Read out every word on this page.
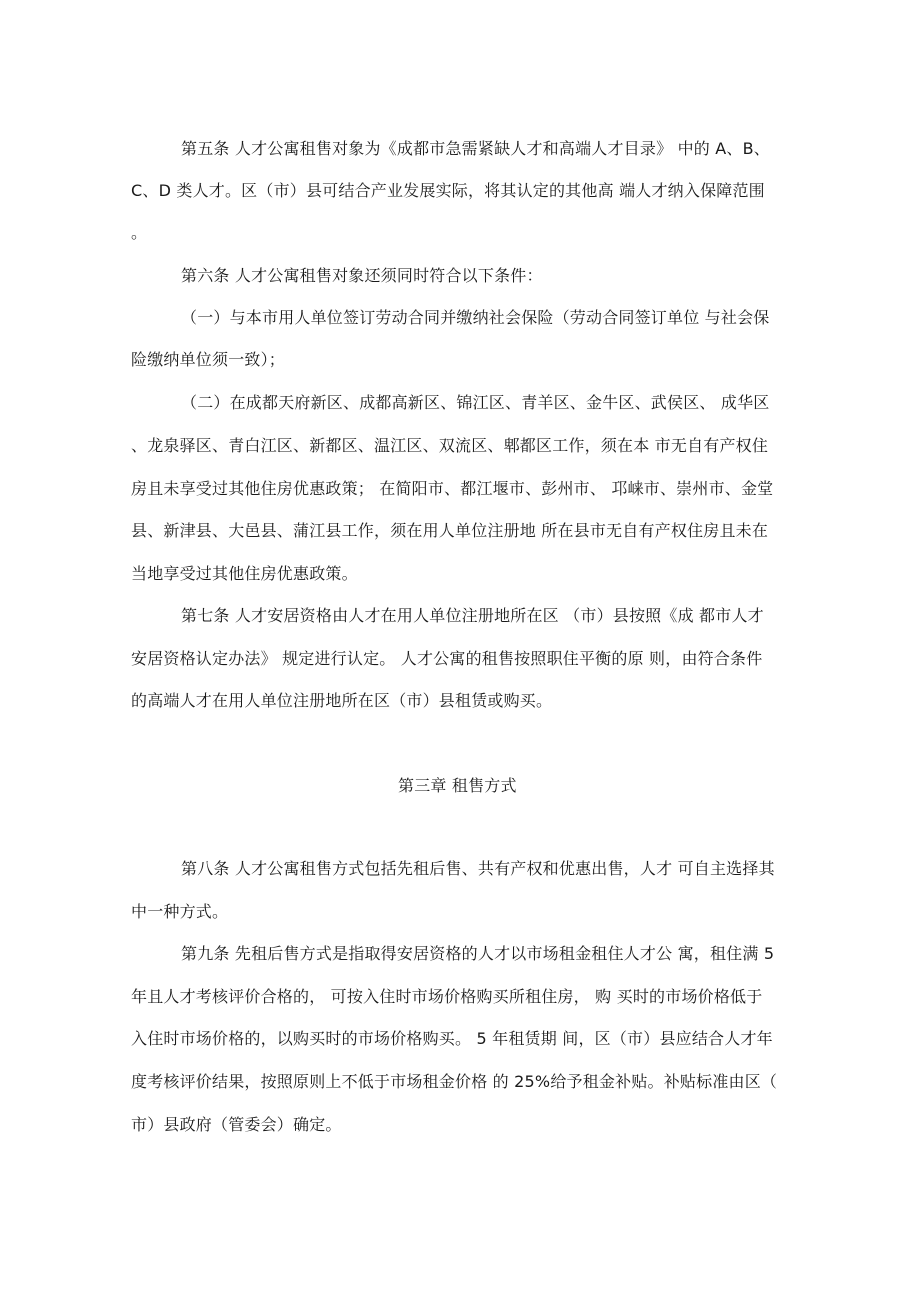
第五条 人才公寓租售对象为《成都市急需紧缺人才和高端人才目录》 中的 A、B、
C、D 类人才。区（市）县可结合产业发展实际，将其认定的其他高 端人才纳入保障范围
。
第六条 人才公寓租售对象还须同时符合以下条件：
（一）与本市用人单位签订劳动合同并缴纳社会保险（劳动合同签订单位 与社会保
险缴纳单位须一致）；
（二）在成都天府新区、成都高新区、锦江区、青羊区、金牛区、武侯区、 成华区
、龙泉驿区、青白江区、新都区、温江区、双流区、郫都区工作，须在本 市无自有产权住
房且未享受过其他住房优惠政策； 在简阳市、都江堰市、彭州市、 邛崃市、崇州市、金堂
县、新津县、大邑县、蒲江县工作，须在用人单位注册地 所在县市无自有产权住房且未在
当地享受过其他住房优惠政策。
第七条 人才安居资格由人才在用人单位注册地所在区 （市）县按照《成 都市人才
安居资格认定办法》 规定进行认定。 人才公寓的租售按照职住平衡的原 则，由符合条件
的高端人才在用人单位注册地所在区（市）县租赁或购买。
第三章 租售方式
第八条 人才公寓租售方式包括先租后售、共有产权和优惠出售，人才 可自主选择其
中一种方式。
第九条 先租后售方式是指取得安居资格的人才以市场租金租住人才公 寓，租住满 5
年且人才考核评价合格的， 可按入住时市场价格购买所租住房， 购 买时的市场价格低于
入住时市场价格的，以购买时的市场价格购买。 5 年租赁期 间，区（市）县应结合人才年
度考核评价结果，按照原则上不低于市场租金价格 的 25%给予租金补贴。补贴标准由区（
市）县政府（管委会）确定。
